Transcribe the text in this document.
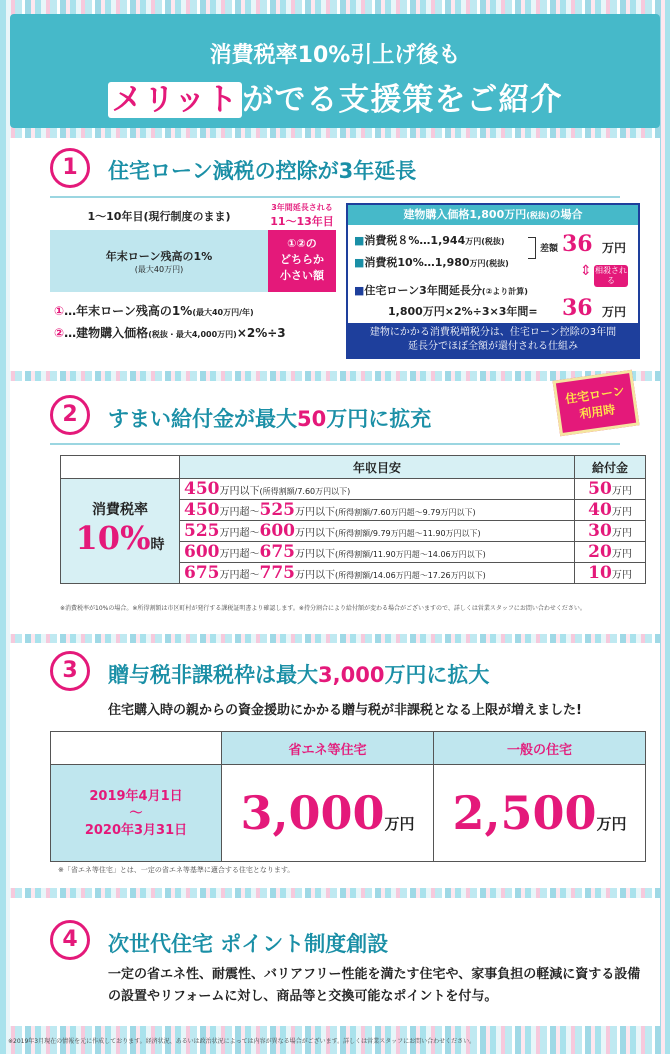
消費税率10%引上げ後も
メリット がでる支援策をご紹介
1	住宅ローン減税の控除が3年延長
1〜10年目(現行制度のまま)
3年間延長される
11〜13年目
年末ローン残高の1%
(最大40万円)
①②の
どちらか
小さい額
①…年末ローン残高の1%(最大40万円/年)
②…建物購入価格(税抜・最大4,000万円)×2%÷3
建物購入価格1,800万円(税抜)の場合
■消費税８%…1,944万円(税抜)
■消費税10%…1,980万円(税抜)
差額 36 万円
⇕ 相殺される
■住宅ローン3年間延長分(②より計算)
1,800万円×2%÷3×3年間= 36 万円
建物にかかる消費税増税分は、住宅ローン控除の3年間
延長分でほぼ全額が還付される仕組み
2	すまい給付金が最大50万円に拡充
住宅ローン
利用時
	年収目安	給付金

消費税率
10%時	450万円以下(所得割額/7.60万円以下)	50万円
	450万円超〜525万円以下(所得割額/7.60万円超〜9.79万円以下)	40万円
	525万円超〜600万円以下(所得割額/9.79万円超〜11.90万円以下)	30万円
	600万円超〜675万円以下(所得割額/11.90万円超〜14.06万円以下)	20万円
	675万円超〜775万円以下(所得割額/14.06万円超〜17.26万円以下)	10万円
※消費税率が10%の場合。※所得割額は市区町村が発行する課税証明書より確認します。※持分割合により給付額が変わる場合がございますので、詳しくは営業スタッフにお問い合わせください。
3	贈与税非課税枠は最大3,000万円に拡大
住宅購入時の親からの資金援助にかかる贈与税が非課税となる上限が増えました!
	省エネ等住宅	一般の住宅

2019年4月1日
〜
2020年3月31日	3,000万円	2,500万円
※「省エネ等住宅」とは、一定の省エネ等基準に適合する住宅となります。
4	次世代住宅 ポイント制度創設
一定の省エネ性、耐震性、バリアフリー性能を満たす住宅や、家事負担の軽減に資する設備の設置やリフォームに対し、商品等と交換可能なポイントを付与。
※2019年3月現在の情報を元に作成しております。経済状況、あるいは政治状況によっては内容が異なる場合がございます。詳しくは営業スタッフにお問い合わせください。
